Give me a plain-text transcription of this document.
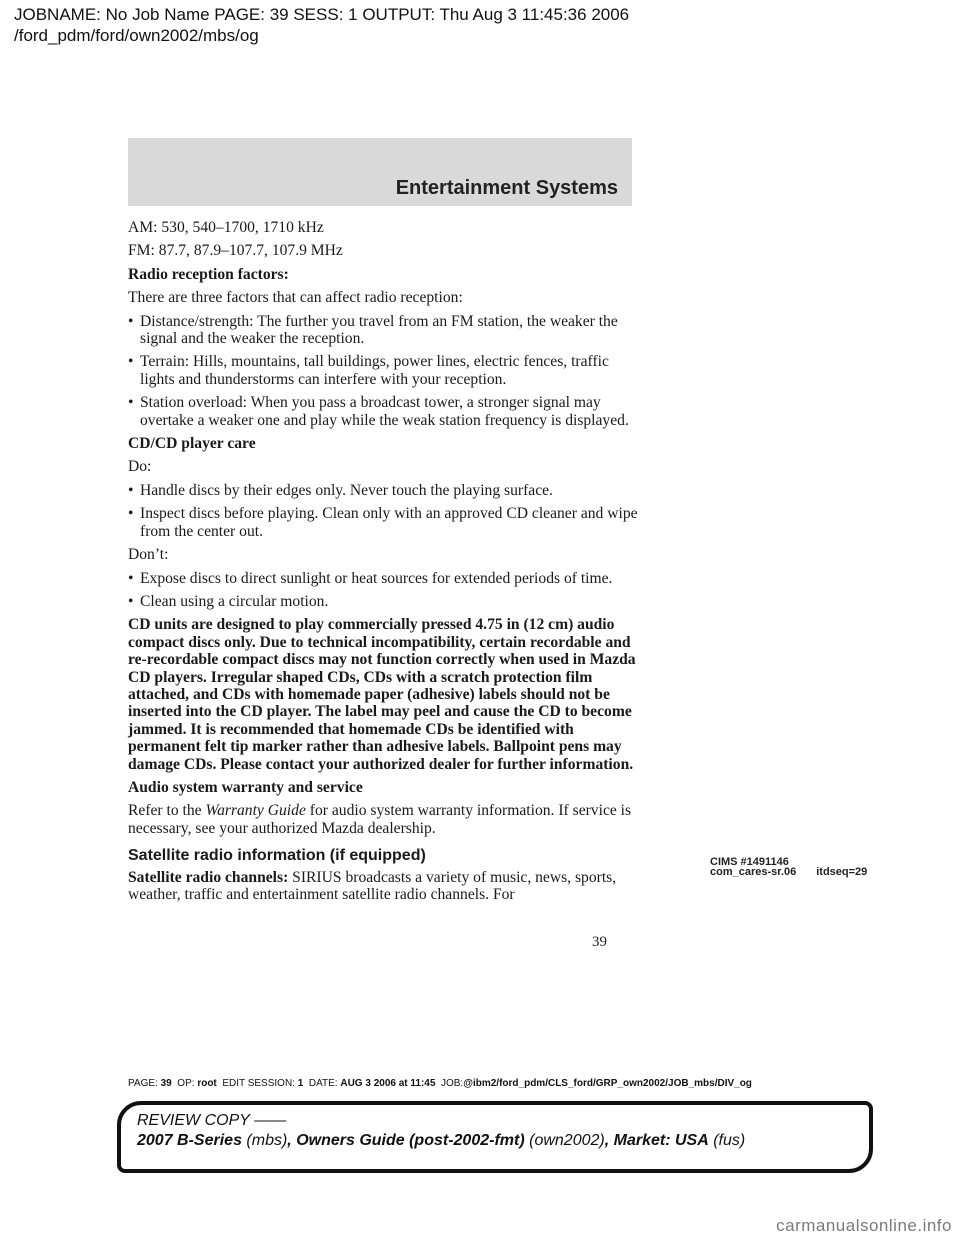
JOBNAME: No Job Name PAGE: 39 SESS: 1 OUTPUT: Thu Aug 3 11:45:36 2006
/ford_pdm/ford/own2002/mbs/og
Entertainment Systems

AM: 530, 540–1700, 1710 kHz

FM: 87.7, 87.9–107.7, 107.9 MHz

Radio reception factors:

There are three factors that can affect radio reception:

• Distance/strength: The further you travel from an FM station, the weaker the signal and the weaker the reception.
• Terrain: Hills, mountains, tall buildings, power lines, electric fences, traffic lights and thunderstorms can interfere with your reception.
• Station overload: When you pass a broadcast tower, a stronger signal may overtake a weaker one and play while the weak station frequency is displayed.

CD/CD player care

Do:

• Handle discs by their edges only. Never touch the playing surface.
• Inspect discs before playing. Clean only with an approved CD cleaner and wipe from the center out.

Don’t:

• Expose discs to direct sunlight or heat sources for extended periods of time.
• Clean using a circular motion.

CD units are designed to play commercially pressed 4.75 in (12 cm) audio compact discs only. Due to technical incompatibility, certain recordable and re-recordable compact discs may not function correctly when used in Mazda CD players. Irregular shaped CDs, CDs with a scratch protection film attached, and CDs with homemade paper (adhesive) labels should not be inserted into the CD player. The label may peel and cause the CD to become jammed. It is recommended that homemade CDs be identified with permanent felt tip marker rather than adhesive labels. Ballpoint pens may damage CDs. Please contact your authorized dealer for further information.

Audio system warranty and service

Refer to the Warranty Guide for audio system warranty information. If service is necessary, see your authorized Mazda dealership.

Satellite radio information (if equipped)

Satellite radio channels: SIRIUS broadcasts a variety of music, news, sports, weather, traffic and entertainment satellite radio channels. For

CIMS #1491146
com_cares-sr.06 itdseq=29
39
PAGE: 39 OP: root EDIT SESSION: 1 DATE: AUG 3 2006 at 11:45 JOB:@ibm2/ford_pdm/CLS_ford/GRP_own2002/JOB_mbs/DIV_og
REVIEW COPY ——
2007 B-Series (mbs), Owners Guide (post-2002-fmt) (own2002), Market: USA (fus)
carmanualsonline.info
